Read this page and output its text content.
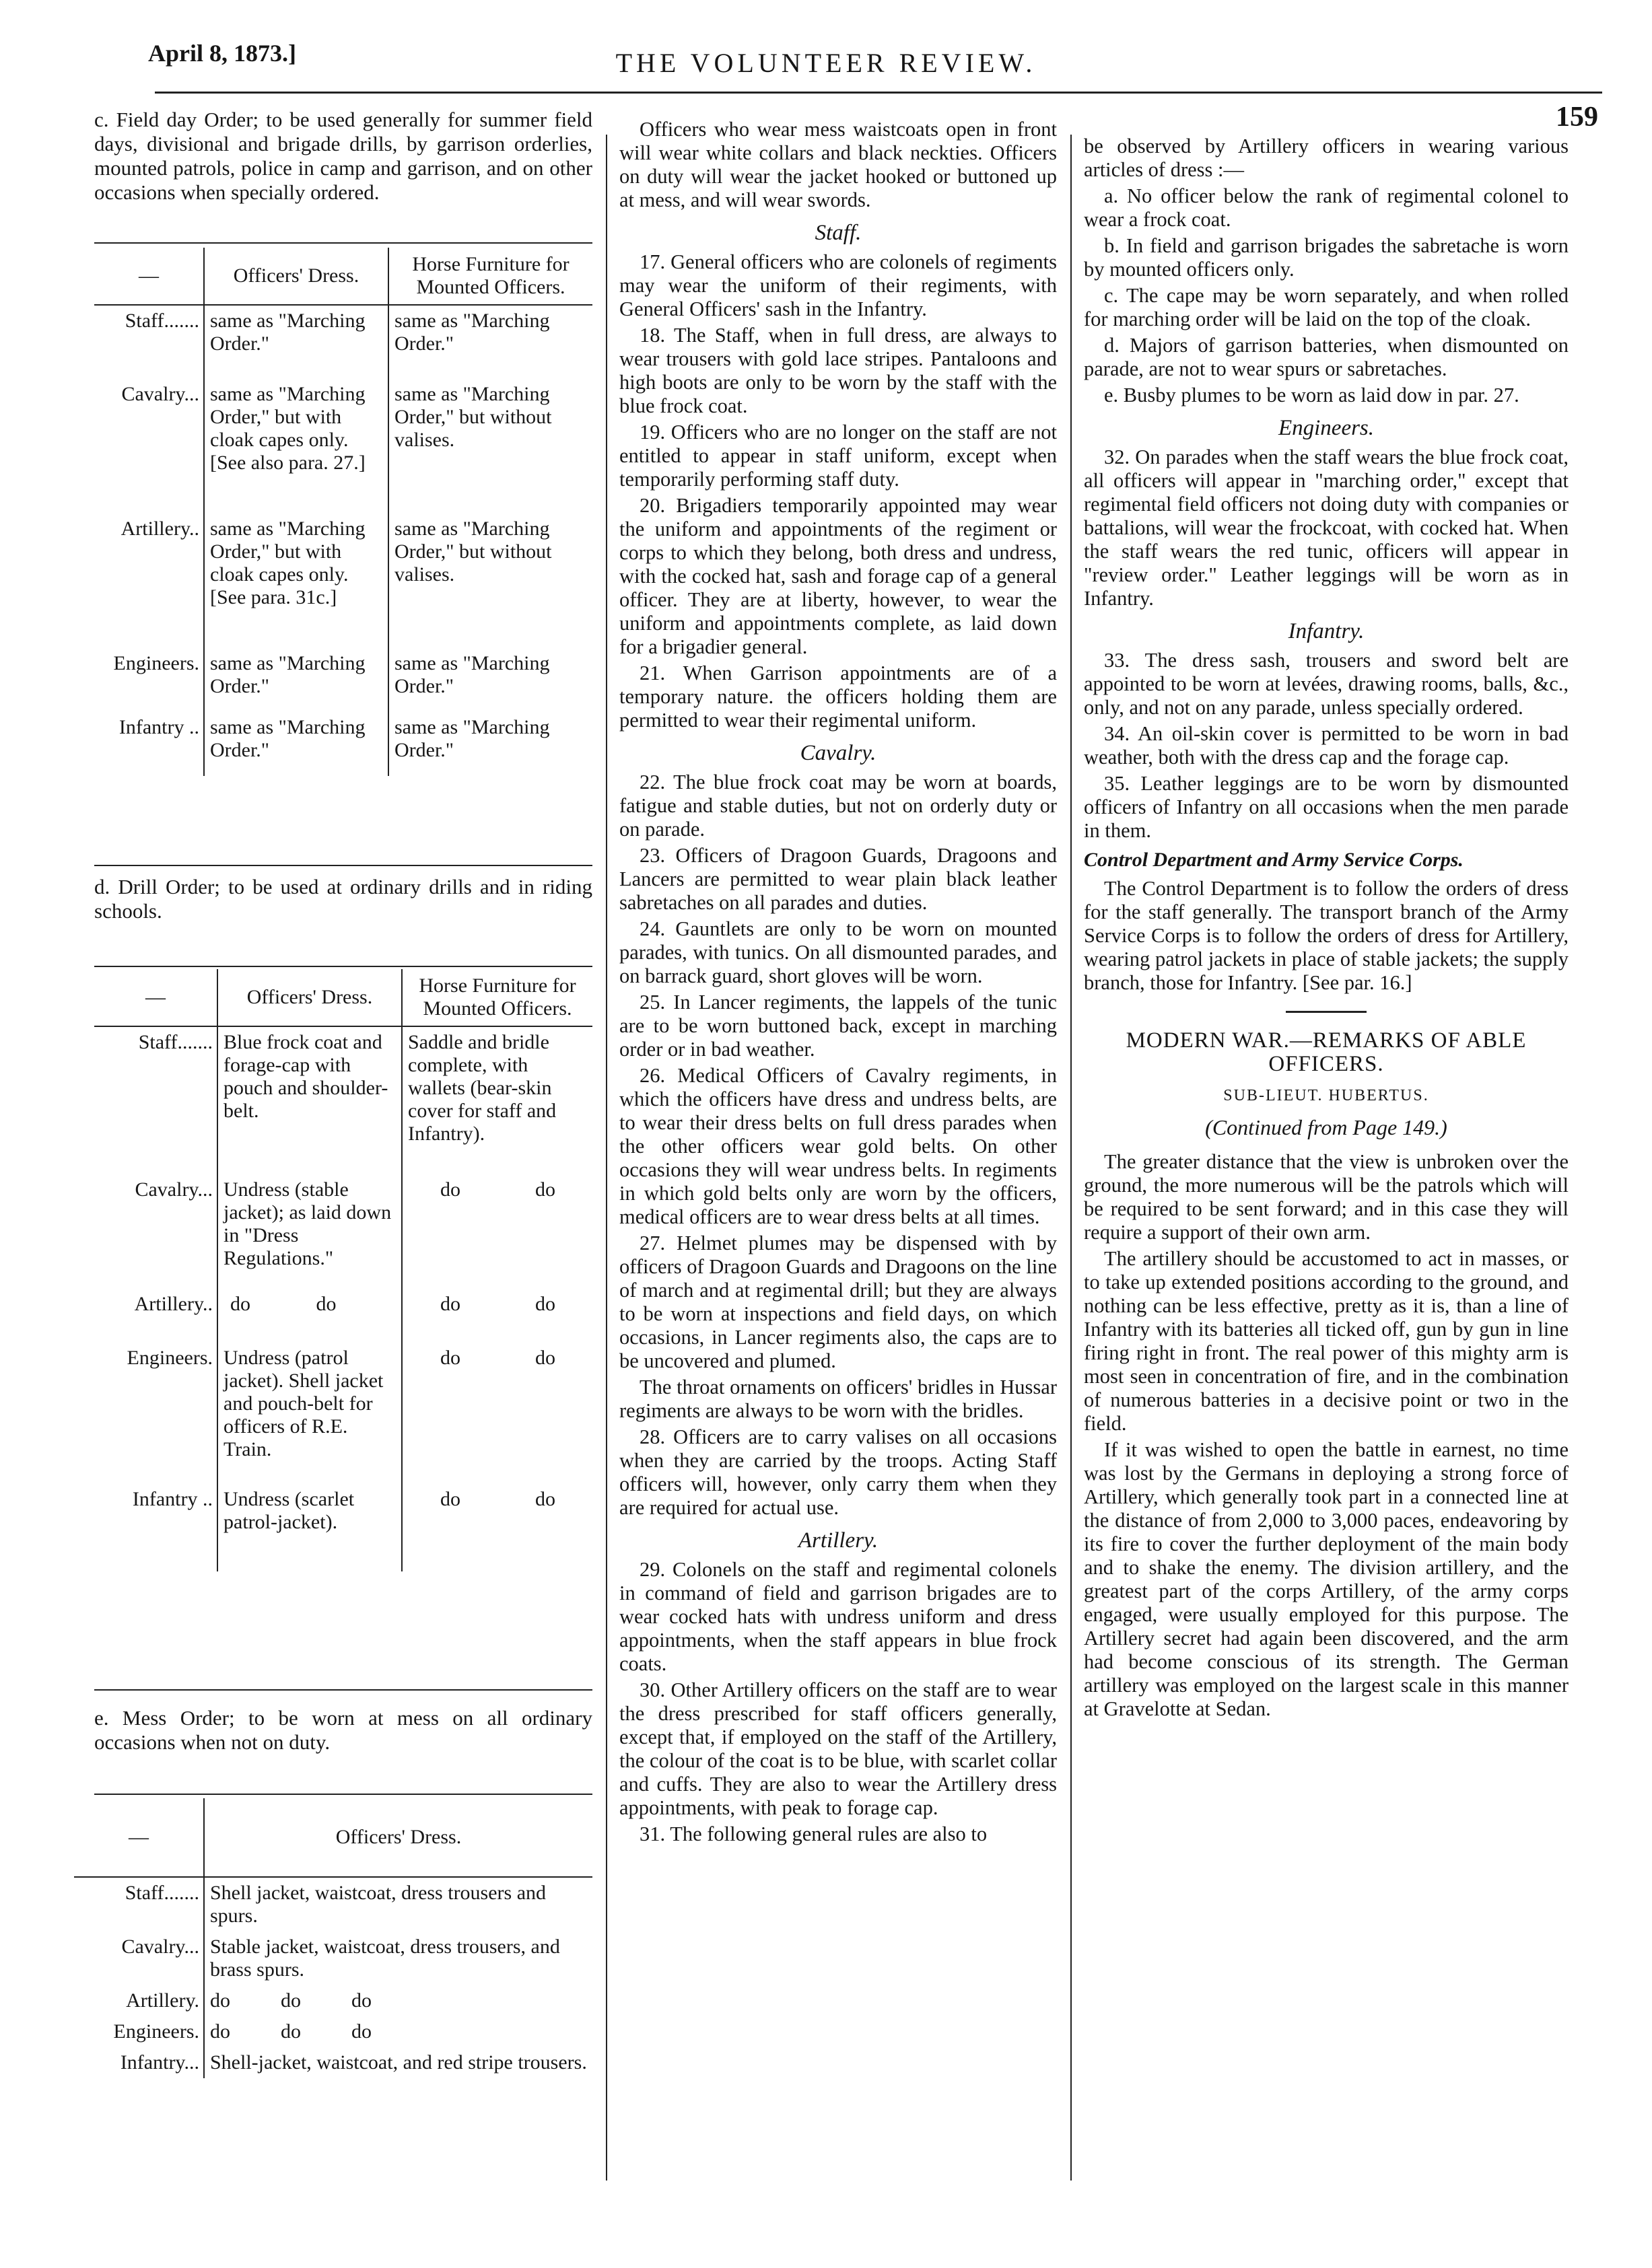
April 8, 1873.]	THE VOLUNTEER REVIEW.
159

c. Field day Order; to be used generally for summer field days, divisional and brigade drills, by garrison orderlies, mounted patrols, police in camp and garrison, and on other occasions when specially ordered.

—	Officers' Dress.	Horse Furniture for Mounted Officers.
Staff.......	same as "Marching Order."	same as "Marching Order."
Cavalry...	same as "Marching Order," but with cloak capes only. [See also para. 27.]	same as "Marching Order," but without valises.
Artillery..	same as "Marching Order," but with cloak capes only. [See para. 31c.]	same as "Marching Order," but without valises.
Engineers.	same as "Marching Order."	same as "Marching Order."
Infantry ..	same as "Marching Order."	same as "Marching Order."

d. Drill Order; to be used at ordinary drills and in riding schools.

—	Officers' Dress.	Horse Furniture for Mounted Officers.	
Staff.......	Blue frock coat and forage-cap with pouch and shoulder-belt.	Saddle and bridle complete, with wallets (bear-skin cover for staff and Infantry).	
Cavalry...	Undress (stable jacket); as laid down in "Dress Regulations."	do	do
Artillery..	do do	do	do
Engineers.	Undress (patrol jacket). Shell jacket and pouch-belt for officers of R.E. Train.	do	do
Infantry ..	Undress (scarlet patrol-jacket).	do	do

e. Mess Order; to be worn at mess on all ordinary occasions when not on duty.

—	Officers' Dress.
Staff.......	Shell jacket, waistcoat, dress trousers and spurs.
Cavalry...	Stable jacket, waistcoat, dress trousers, and brass spurs.
Artillery.	do          do          do
Engineers.	do          do          do
Infantry...	Shell-jacket, waistcoat, and red stripe trousers.

Officers who wear mess waistcoats open in front will wear white collars and black neckties. Officers on duty will wear the jacket hooked or buttoned up at mess, and will wear swords.

Staff.

17. General officers who are colonels of regiments may wear the uniform of their regiments, with General Officers' sash in the Infantry.

18. The Staff, when in full dress, are always to wear trousers with gold lace stripes. Pantaloons and high boots are only to be worn by the staff with the blue frock coat.

19. Officers who are no longer on the staff are not entitled to appear in staff uniform, except when temporarily performing staff duty.

20. Brigadiers temporarily appointed may wear the uniform and appointments of the regiment or corps to which they belong, both dress and undress, with the cocked hat, sash and forage cap of a general officer. They are at liberty, however, to wear the uniform and appointments complete, as laid down for a brigadier general.

21. When Garrison appointments are of a temporary nature. the officers holding them are permitted to wear their regimental uniform.

Cavalry.

22. The blue frock coat may be worn at boards, fatigue and stable duties, but not on orderly duty or on parade.

23. Officers of Dragoon Guards, Dragoons and Lancers are permitted to wear plain black leather sabretaches on all parades and duties.

24. Gauntlets are only to be worn on mounted parades, with tunics. On all dismounted parades, and on barrack guard, short gloves will be worn.

25. In Lancer regiments, the lappels of the tunic are to be worn buttoned back, except in marching order or in bad weather.

26. Medical Officers of Cavalry regiments, in which the officers have dress and undress belts, are to wear their dress belts on full dress parades when the other officers wear gold belts. On other occasions they will wear undress belts. In regiments in which gold belts only are worn by the officers, medical officers are to wear dress belts at all times.

27. Helmet plumes may be dispensed with by officers of Dragoon Guards and Dragoons on the line of march and at regimental drill; but they are always to be worn at inspections and field days, on which occasions, in Lancer regiments also, the caps are to be uncovered and plumed.

The throat ornaments on officers' bridles in Hussar regiments are always to be worn with the bridles.

28. Officers are to carry valises on all occasions when they are carried by the troops. Acting Staff officers will, however, only carry them when they are required for actual use.

Artillery.

29. Colonels on the staff and regimental colonels in command of field and garrison brigades are to wear cocked hats with undress uniform and dress appointments, when the staff appears in blue frock coats.

30. Other Artillery officers on the staff are to wear the dress prescribed for staff officers generally, except that, if employed on the staff of the Artillery, the colour of the coat is to be blue, with scarlet collar and cuffs. They are also to wear the Artillery dress appointments, with peak to forage cap.

31. The following general rules are also to

be observed by Artillery officers in wearing various articles of dress :—

a. No officer below the rank of regimental colonel to wear a frock coat.

b. In field and garrison brigades the sabretache is worn by mounted officers only.

c. The cape may be worn separately, and when rolled for marching order will be laid on the top of the cloak.

d. Majors of garrison batteries, when dismounted on parade, are not to wear spurs or sabretaches.

e. Busby plumes to be worn as laid dow in par. 27.

Engineers.

32. On parades when the staff wears the blue frock coat, all officers will appear in "marching order," except that regimental field officers not doing duty with companies or battalions, will wear the frockcoat, with cocked hat. When the staff wears the red tunic, officers will appear in "review order." Leather leggings will be worn as in Infantry.

Infantry.

33. The dress sash, trousers and sword belt are appointed to be worn at levées, drawing rooms, balls, &c., only, and not on any parade, unless specially ordered.

34. An oil-skin cover is permitted to be worn in bad weather, both with the dress cap and the forage cap.

35. Leather leggings are to be worn by dismounted officers of Infantry on all occasions when the men parade in them.

Control Department and Army Service Corps.

The Control Department is to follow the orders of dress for the staff generally. The transport branch of the Army Service Corps is to follow the orders of dress for Artillery, wearing patrol jackets in place of stable jackets; the supply branch, those for Infantry. [See par. 16.]

MODERN WAR.—REMARKS OF ABLE OFFICERS.
SUB-LIEUT. HUBERTUS.
(Continued from Page 149.)

The greater distance that the view is unbroken over the ground, the more numerous will be the patrols which will be required to be sent forward; and in this case they will require a support of their own arm.

The artillery should be accustomed to act in masses, or to take up extended positions according to the ground, and nothing can be less effective, pretty as it is, than a line of Infantry with its batteries all ticked off, gun by gun in line firing right in front. The real power of this mighty arm is most seen in concentration of fire, and in the combination of numerous batteries in a decisive point or two in the field.

If it was wished to open the battle in earnest, no time was lost by the Germans in deploying a strong force of Artillery, which generally took part in a connected line at the distance of from 2,000 to 3,000 paces, endeavoring by its fire to cover the further deployment of the main body and to shake the enemy. The division artillery, and the greatest part of the corps Artillery, of the army corps engaged, were usually employed for this purpose. The Artillery secret had again been discovered, and the arm had become conscious of its strength. The German artillery was employed on the largest scale in this manner at Gravelotte at Sedan.
